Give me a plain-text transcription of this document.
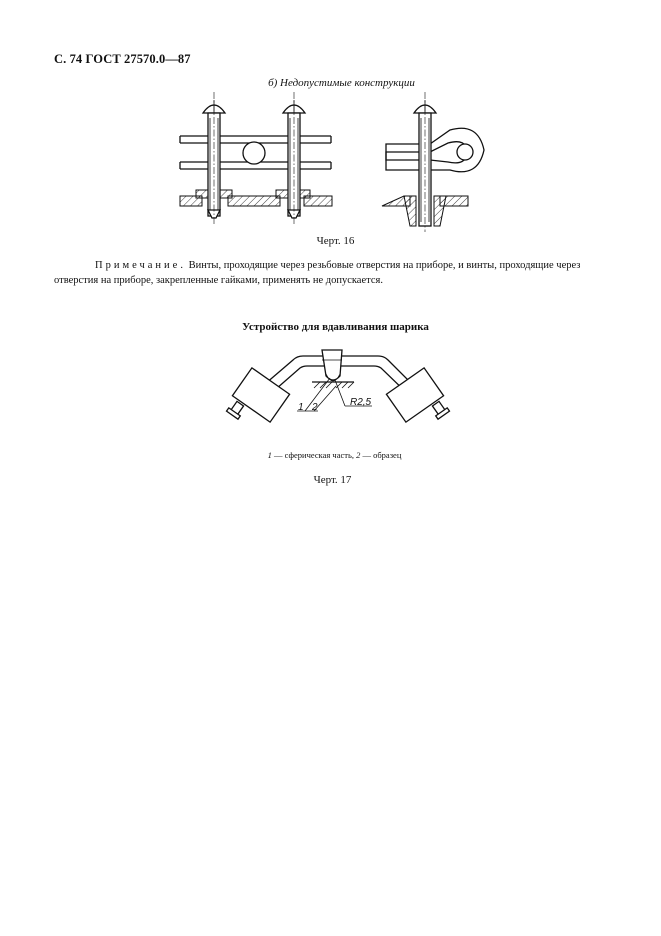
С. 74 ГОСТ 27570.0—87
б) Недопустимые конструкции
Черт. 16
Примечание. Винты, проходящие через резьбовые отверстия на приборе, и винты, проходящие через отверстия на приборе, закрепленные гайками, применять не допускается.
Устройство для вдавливания шарика
1 2	R2,5
1 — сферическая часть, 2 — образец
Черт. 17
